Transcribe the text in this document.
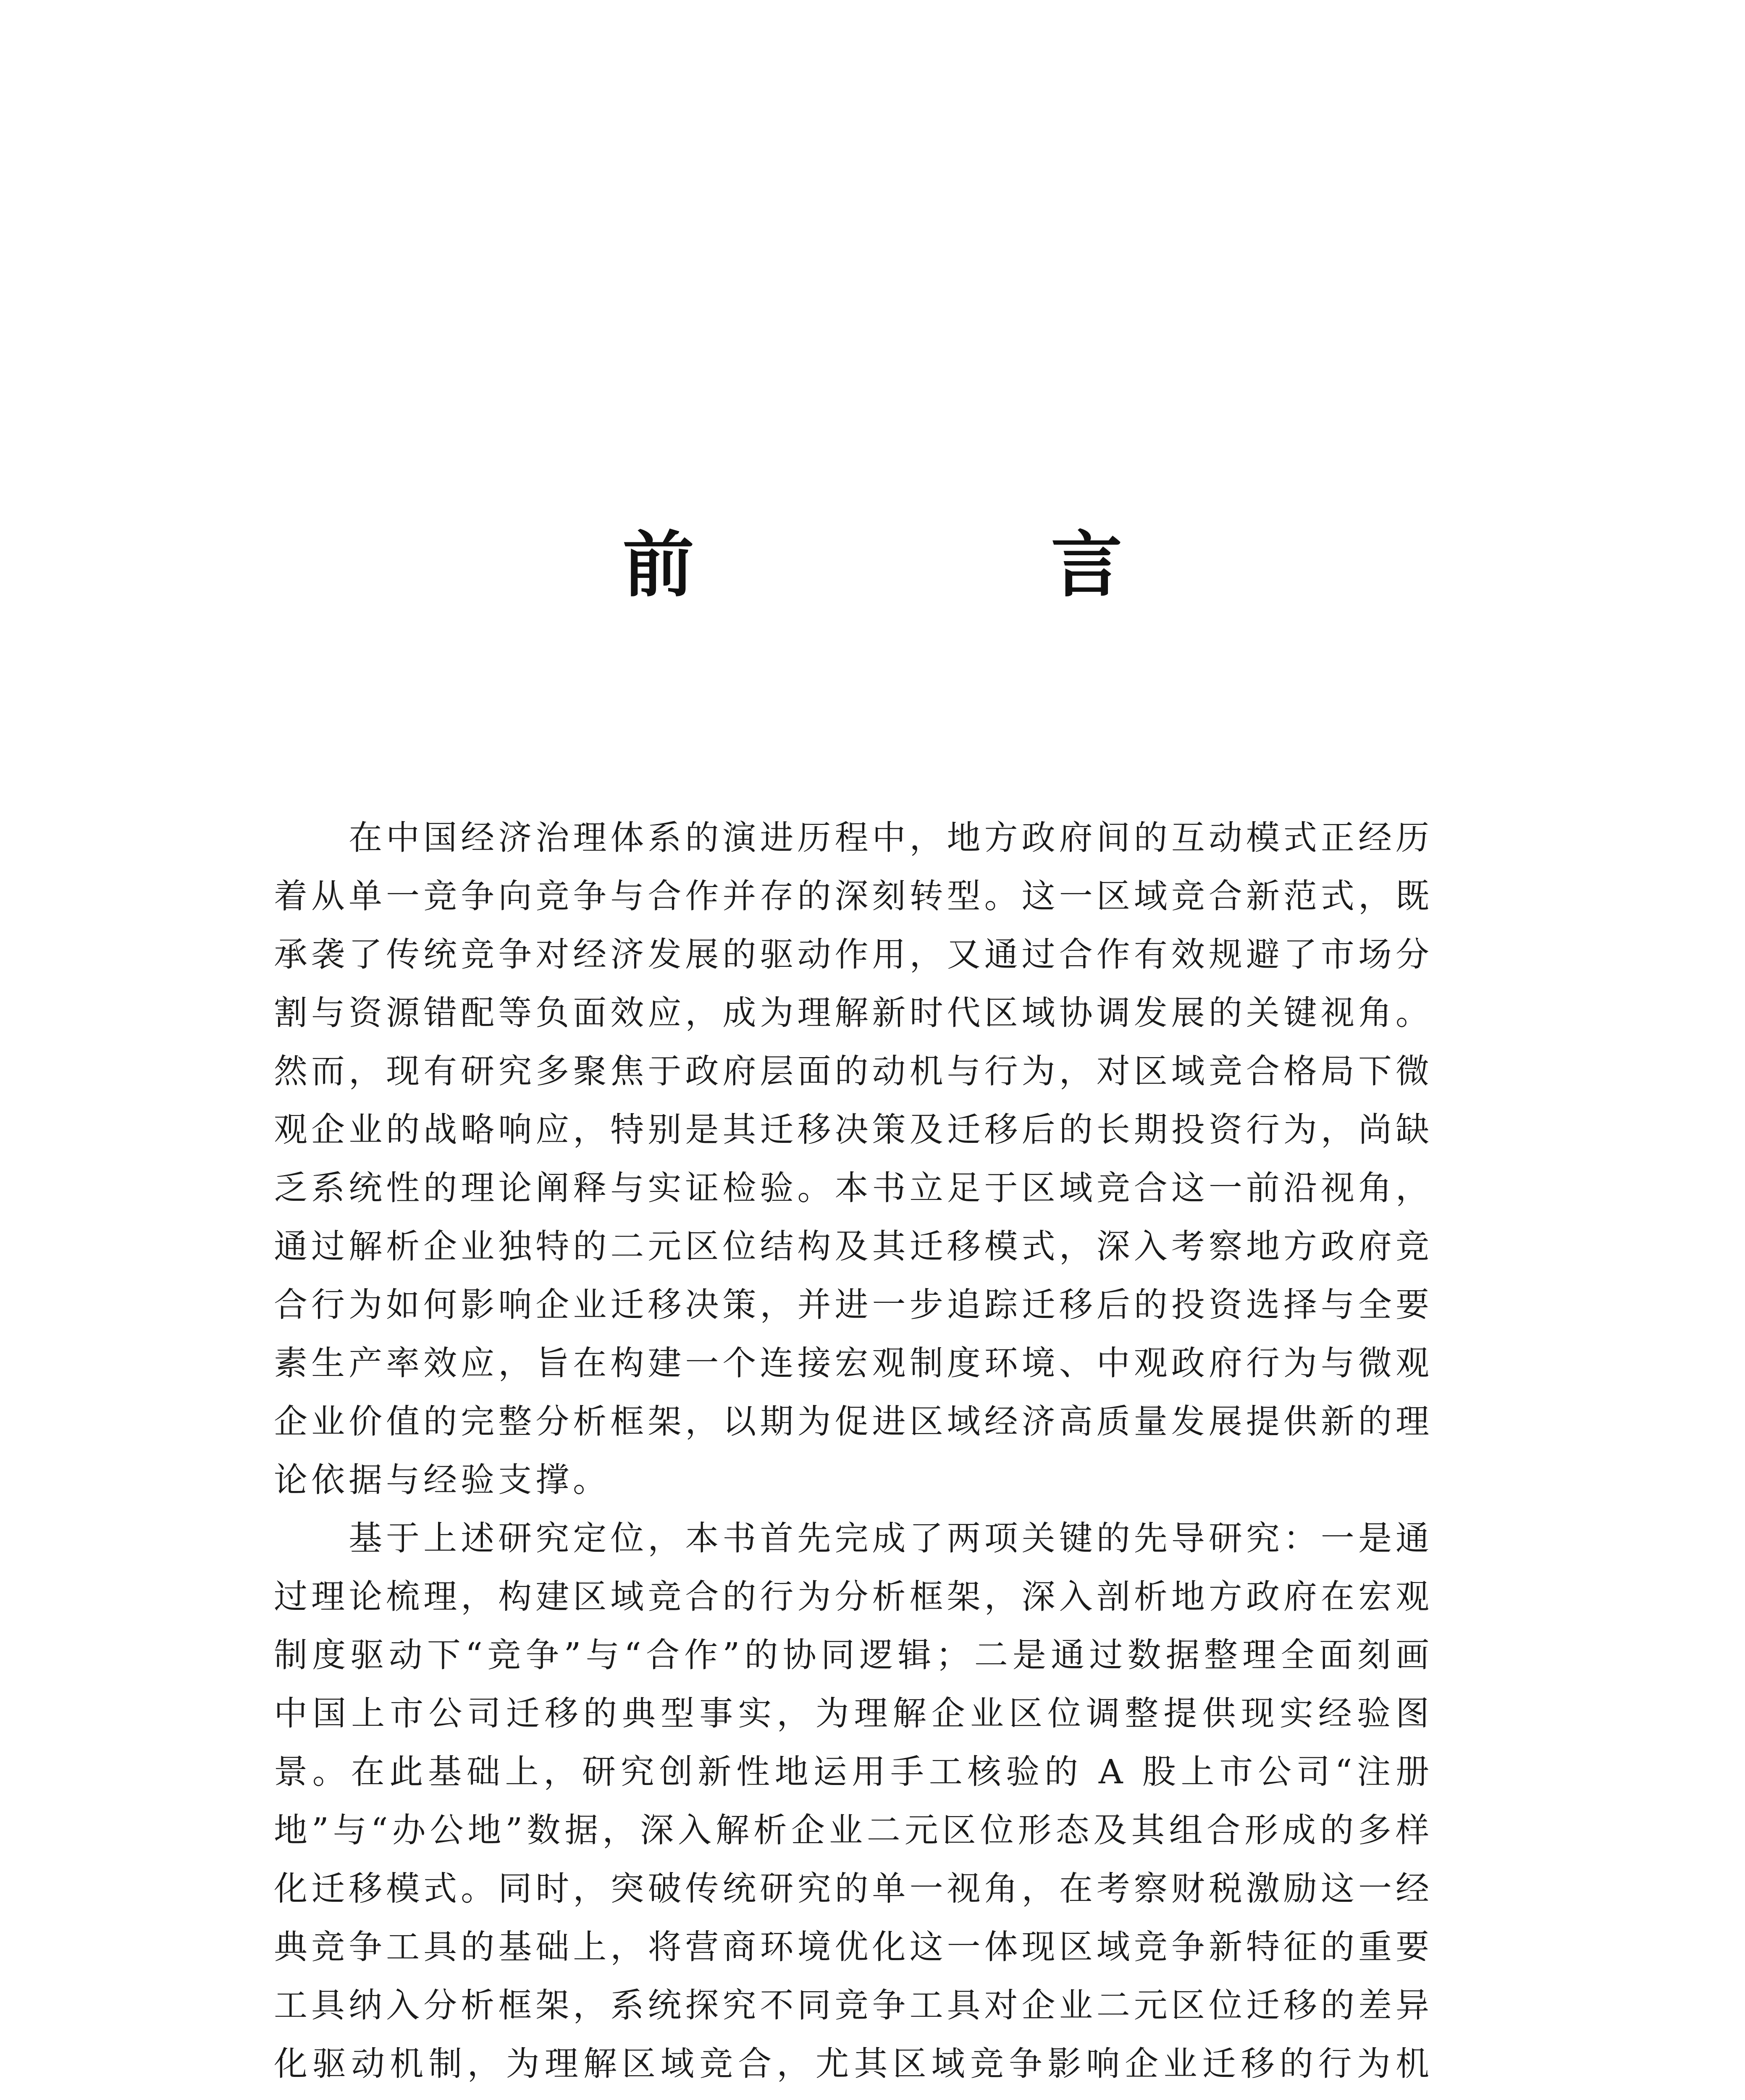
前　言

在中国经济治理体系的演进历程中，地方政府间的互动模式正经历着从单一竞争向竞争与合作并存的深刻转型。这一区域竞合新范式，既承袭了传统竞争对经济发展的驱动作用，又通过合作有效规避了市场分割与资源错配等负面效应，成为理解新时代区域协调发展的关键视角。然而，现有研究多聚焦于政府层面的动机与行为，对区域竞合格局下微观企业的战略响应，特别是其迁移决策及迁移后的长期投资行为，尚缺乏系统性的理论阐释与实证检验。本书立足于区域竞合这一前沿视角，通过解析企业独特的二元区位结构及其迁移模式，深入考察地方政府竞合行为如何影响企业迁移决策，并进一步追踪迁移后的投资选择与全要素生产率效应，旨在构建一个连接宏观制度环境、中观政府行为与微观企业价值的完整分析框架，以期为促进区域经济高质量发展提供新的理论依据与经验支撑。

基于上述研究定位，本书首先完成了两项关键的先导研究：一是通过理论梳理，构建区域竞合的行为分析框架，深入剖析地方政府在宏观制度驱动下“竞争”与“合作”的协同逻辑；二是通过数据整理全面刻画中国上市公司迁移的典型事实，为理解企业区位调整提供现实经验图景。在此基础上，研究创新性地运用手工核验的 A 股上市公司“注册地”与“办公地”数据，深入解析企业二元区位形态及其组合形成的多样化迁移模式。同时，突破传统研究的单一视角，在考察财税激励这一经典竞争工具的基础上，将营商环境优化这一体现区域竞争新特征的重要工具纳入分析框架，系统探究不同竞争工具对企业二元区位迁移的差异化驱动机制，为理解区域竞合，尤其区域竞争影响企业迁移的行为机
